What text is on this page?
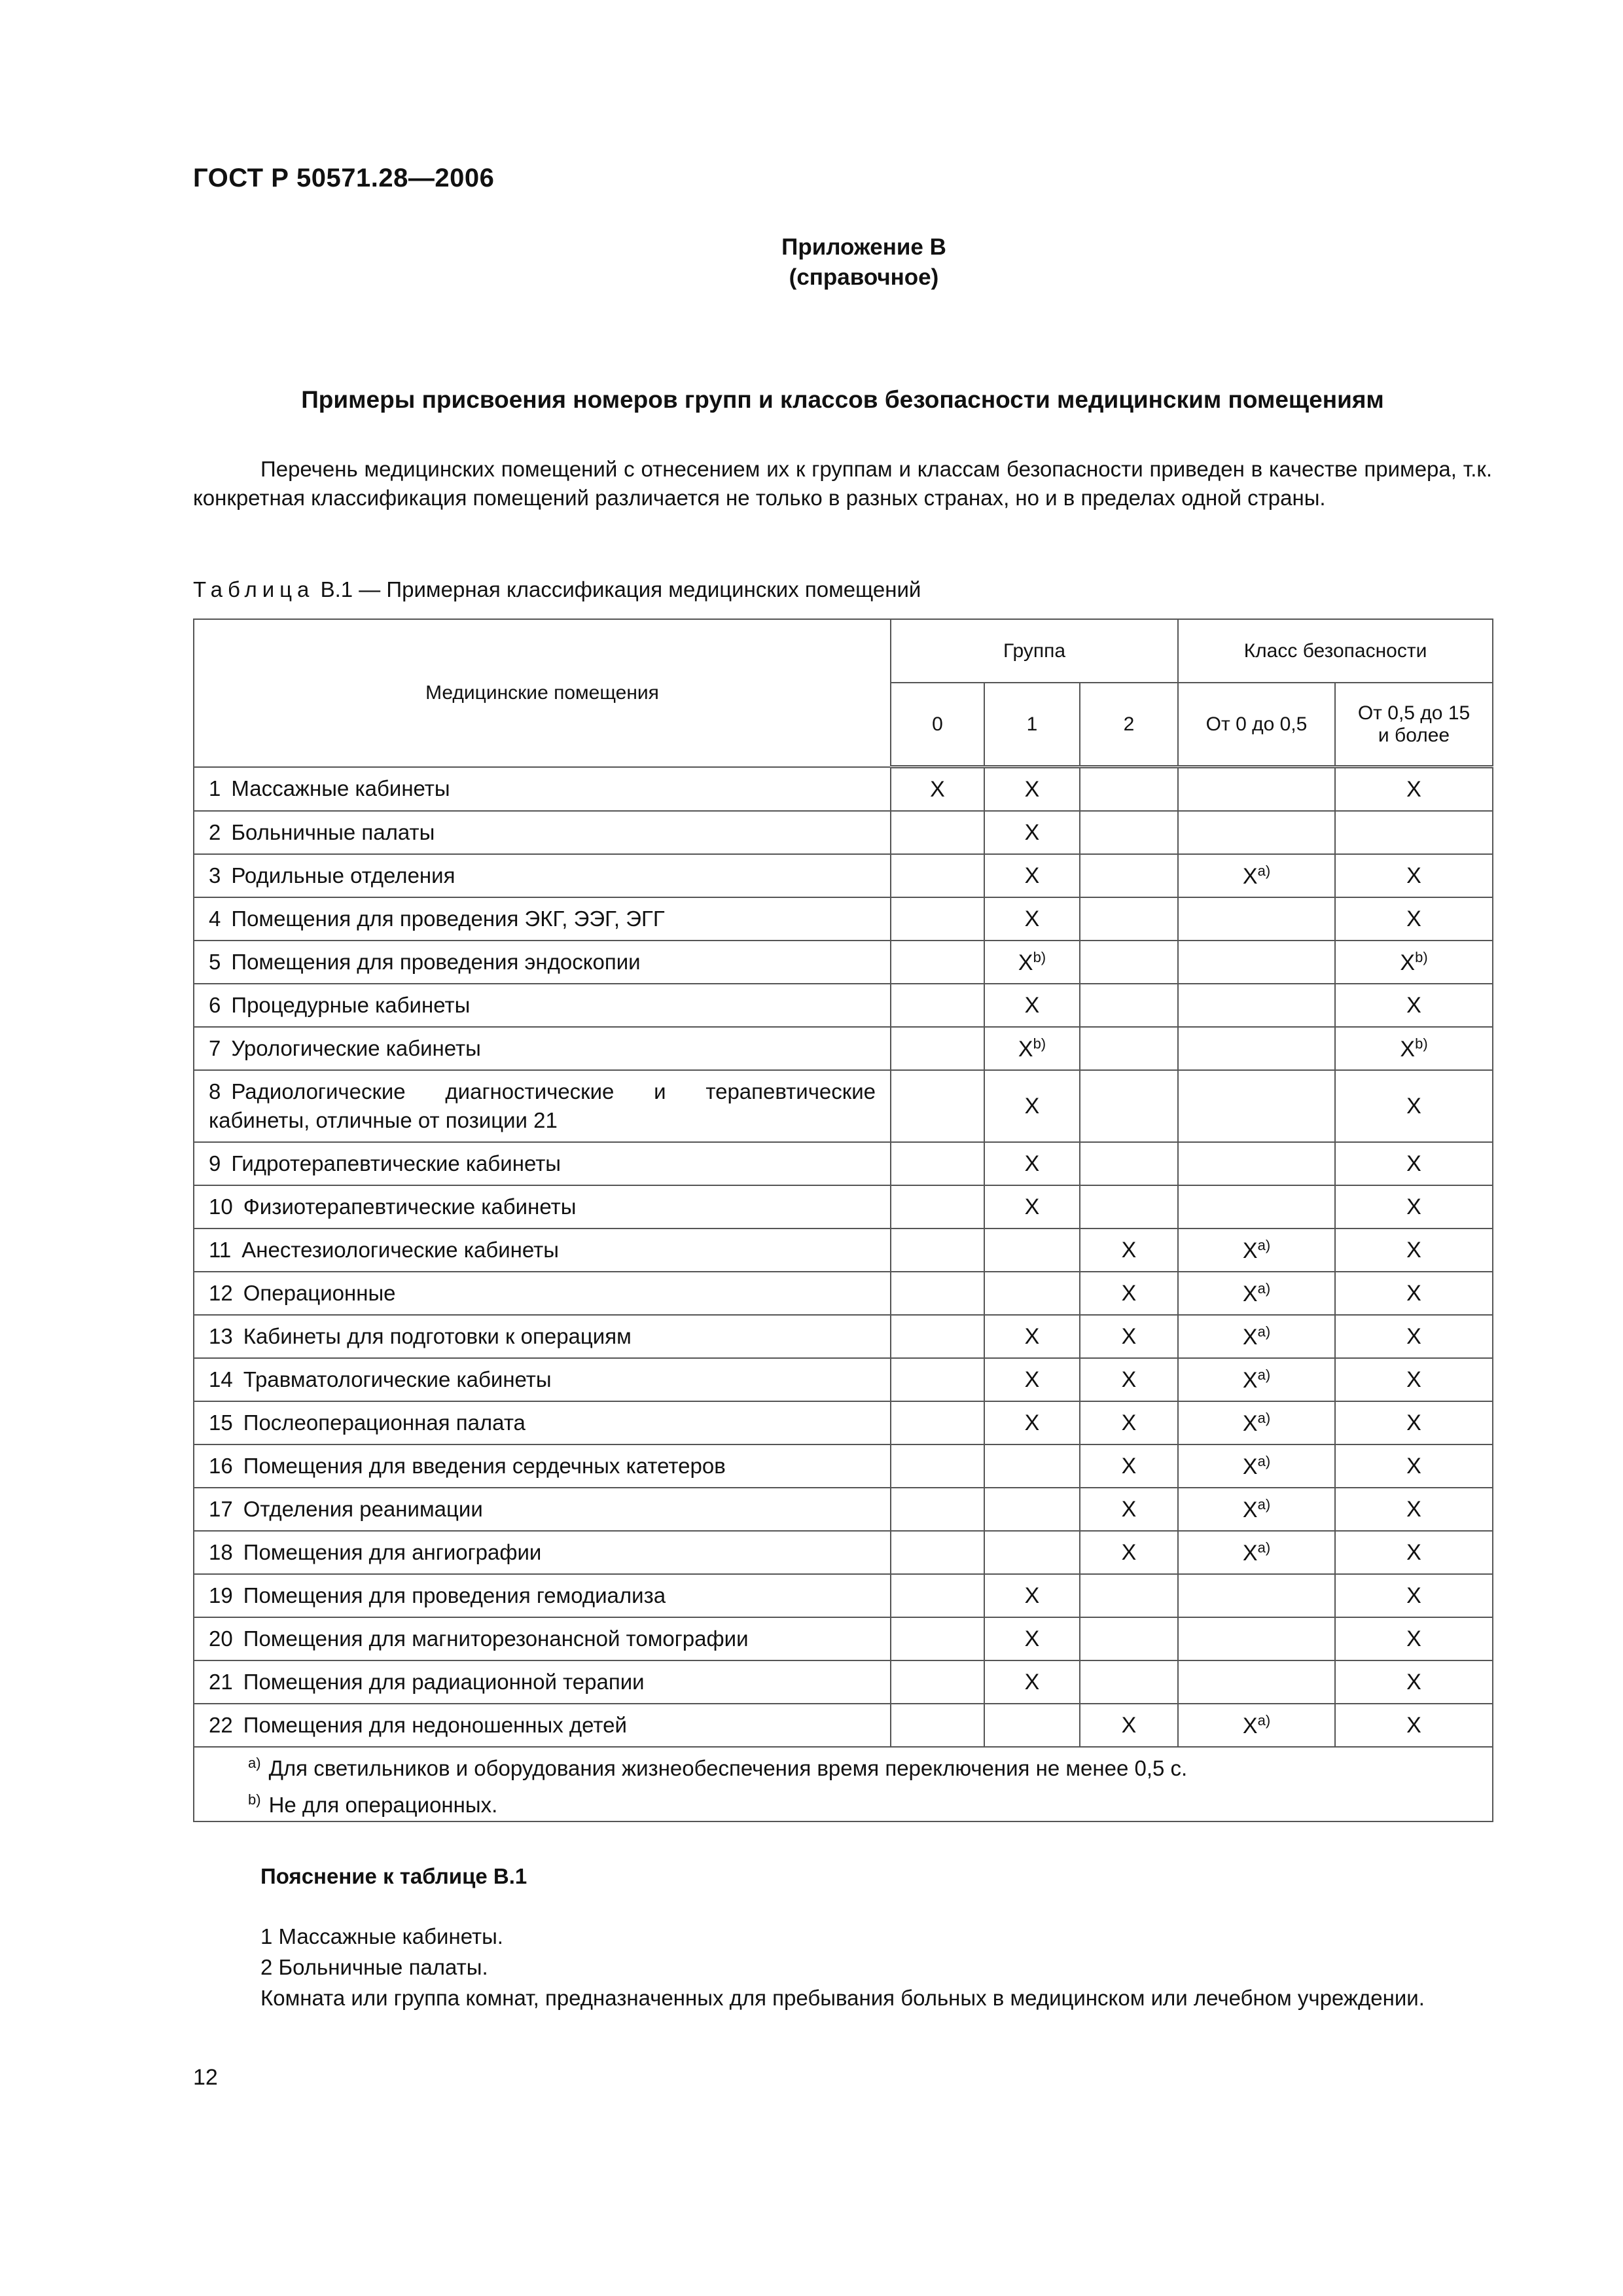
ГОСТ Р 50571.28—2006
Приложение В
(справочное)
Примеры присвоения номеров групп и классов безопасности медицинским помещениям

Перечень медицинских помещений с отнесением их к группам и классам безопасности приведен в качестве примера, т.к. конкретная классификация помещений различается не только в разных странах, но и в пределах одной страны.

Таблица В.1 — Примерная классификация медицинских помещений
Медицинские помещения	Группа			Класс безопасности	
	0	1	2	От 0 до 0,5	От 0,5 до 15
и более

1 Массажные кабинеты	X	X			X
2 Больничные палаты		X			
3 Родильные отделения		X		$X^{a)}$	X
4 Помещения для проведения ЭКГ, ЭЭГ, ЭГГ		X			X
5 Помещения для проведения эндоскопии		$X^{b)}$			$X^{b)}$
6 Процедурные кабинеты		X			X
7 Урологические кабинеты		$X^{b)}$			$X^{b)}$
8 Радиологические диагностические и терапевтические кабинеты, отличные от позиции 21		X			X
9 Гидротерапевтические кабинеты		X			X
10 Физиотерапевтические кабинеты		X			X
11 Анестезиологические кабинеты			X	$X^{a)}$	X
12 Операционные			X	$X^{a)}$	X
13 Кабинеты для подготовки к операциям		X	X	$X^{a)}$	X
14 Травматологические кабинеты		X	X	$X^{a)}$	X
15 Послеоперационная палата		X	X	$X^{a)}$	X
16 Помещения для введения сердечных катетеров			X	$X^{a)}$	X
17 Отделения реанимации			X	$X^{a)}$	X
18 Помещения для ангиографии			X	$X^{a)}$	X
19 Помещения для проведения гемодиализа		X			X
20 Помещения для магниторезонансной томографии		X			X
21 Помещения для радиационной терапии		X			X
22 Помещения для недоношенных детей			X	$X^{a)}$	X

$^{a)}$ Для светильников и оборудования жизнеобеспечения время переключения не менее 0,5 с.
$^{b)}$ Не для операционных.					
Пояснение к таблице В.1

1 Массажные кабинеты.

2 Больничные палаты.

Комната или группа комнат, предназначенных для пребывания больных в медицинском или лечебном учреждении.

12
